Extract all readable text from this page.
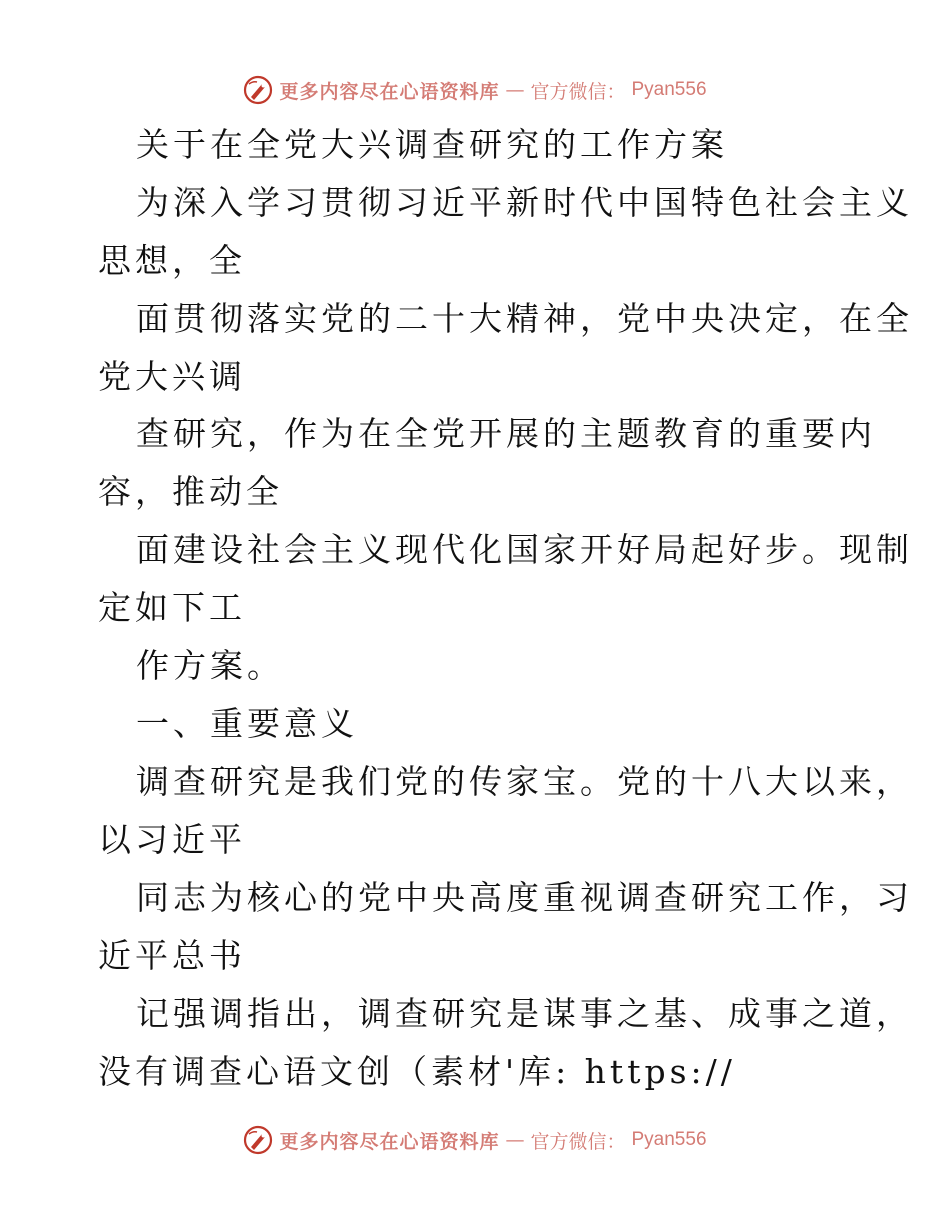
更多内容尽在心语资料库 — 官方微信： Pyan556
关于在全党大兴调查研究的工作方案
为深入学习贯彻习近平新时代中国特色社会主义
思想，全
面贯彻落实党的二十大精神，党中央决定，在全
党大兴调
查研究，作为在全党开展的主题教育的重要内
容，推动全
面建设社会主义现代化国家开好局起好步。现制
定如下工
作方案。
一、重要意义
调查研究是我们党的传家宝。党的十八大以来，
以习近平
同志为核心的党中央高度重视调查研究工作，习
近平总书
记强调指出，调查研究是谋事之基、成事之道，
没有调查心语文创（素材'库: https://
更多内容尽在心语资料库 — 官方微信： Pyan556
